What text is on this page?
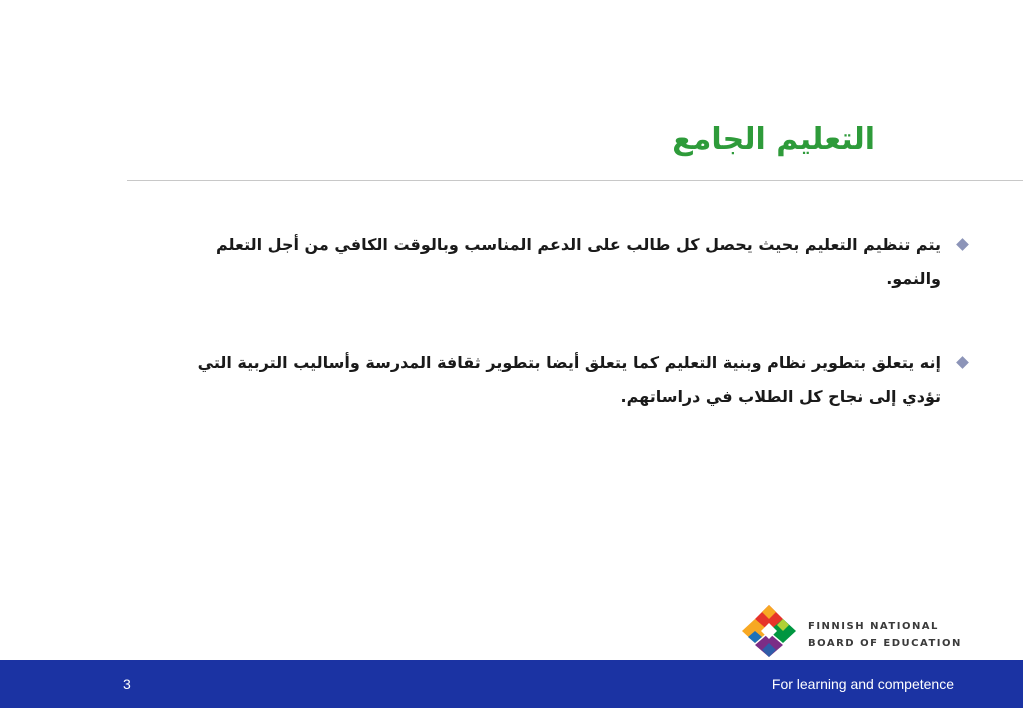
التعليم الجامع
يتم تنظيم التعليم بحيث يحصل كل طالب على الدعم المناسب وبالوقت الكافي من أجل التعلم والنمو.
إنه يتعلق بتطوير نظام وبنية التعليم كما يتعلق أيضا بتطوير ثقافة المدرسة وأساليب التربية التي تؤدي إلى نجاح كل الطلاب في دراساتهم.
FINNISH NATIONAL
BOARD OF EDUCATION
3	For learning and competence
